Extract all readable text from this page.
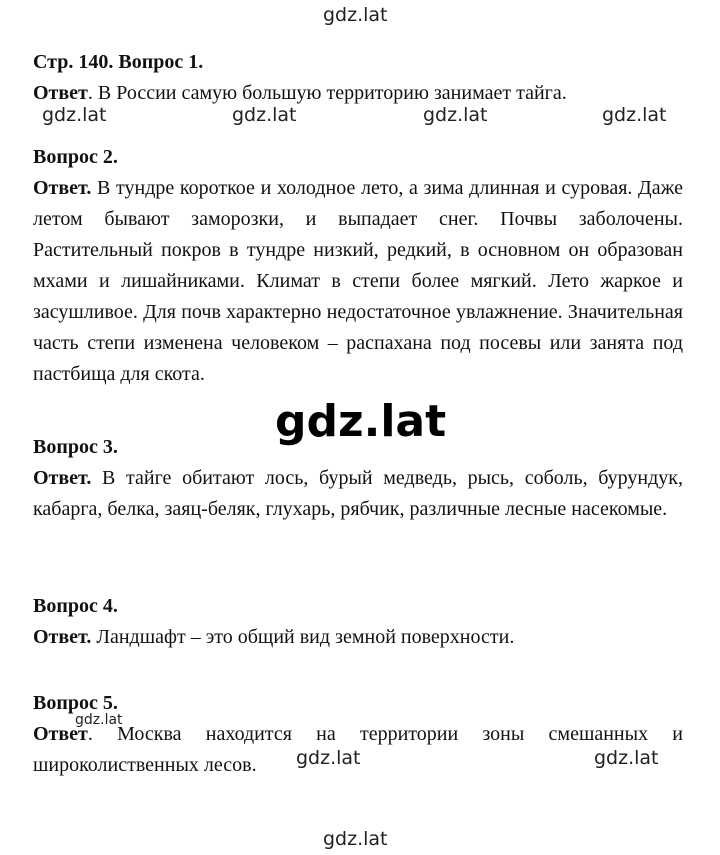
gdz.lat
gdz.lat	gdz.lat	gdz.lat	gdz.lat
gdz.lat
gdz.lat
gdz.lat	gdz.lat
gdz.lat

Стр. 140. Вопрос 1.

Ответ. В России самую большую территорию занимает тайга.

Вопрос 2.

Ответ. В тундре короткое и холодное лето, а зима длинная и суровая. Даже летом бывают заморозки, и выпадает снег. Почвы заболочены. Растительный покров в тундре низкий, редкий, в основном он образован мхами и лишайниками. Климат в степи более мягкий. Лето жаркое и засушливое. Для почв характерно недостаточное увлажнение. Значительная часть степи изменена человеком – распахана под посевы или занята под пастбища для скота.

Вопрос 3.

Ответ. В тайге обитают лось, бурый медведь, рысь, соболь, бурундук, кабарга, белка, заяц-беляк, глухарь, рябчик, различные лесные насекомые.

Вопрос 4.

Ответ. Ландшафт – это общий вид земной поверхности.

Вопрос 5.

Ответ. Москва находится на территории зоны смешанных и широколиственных лесов.
